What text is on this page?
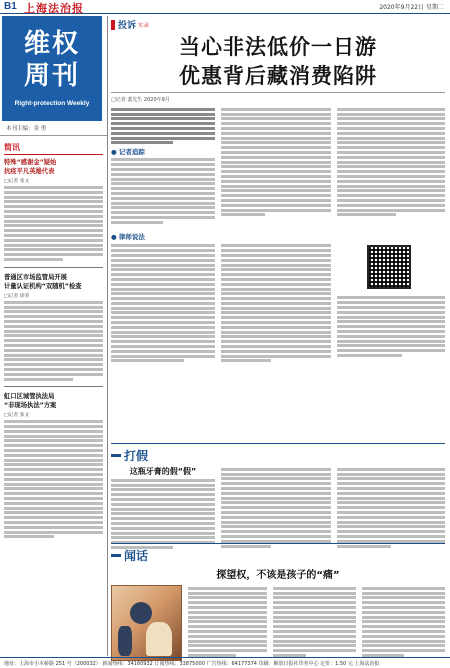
B1 上海法治报	2020年9月22日 星期二
维权
周刊
Right-protection Weekly
本刊主编：金 勇
简讯
特殊“感谢金”疑始
抗疫平凡英雄代表
□记者 张文
普通区市场监管局开展
计量认证机构“双随机”检查
□记者 徐荣
虹口区城管执法局
“非现场执法”方案
□记者 张文
投诉 实录
当心非法低价一日游
优惠背后藏消费陷阱
□记者 裴先生 2020年9月
● 记者追踪
● 律师说法
打假
这瓶牙膏的假“假”
闻话
探望权，不该是孩子的“痛”
地址：上海市小木桥路 251 号（200032） 新闻热线：34160932 订阅热线：33875000 广告热线：64177374 印刷：解放日报社印务中心 定价：1.50 元 上海法治报
